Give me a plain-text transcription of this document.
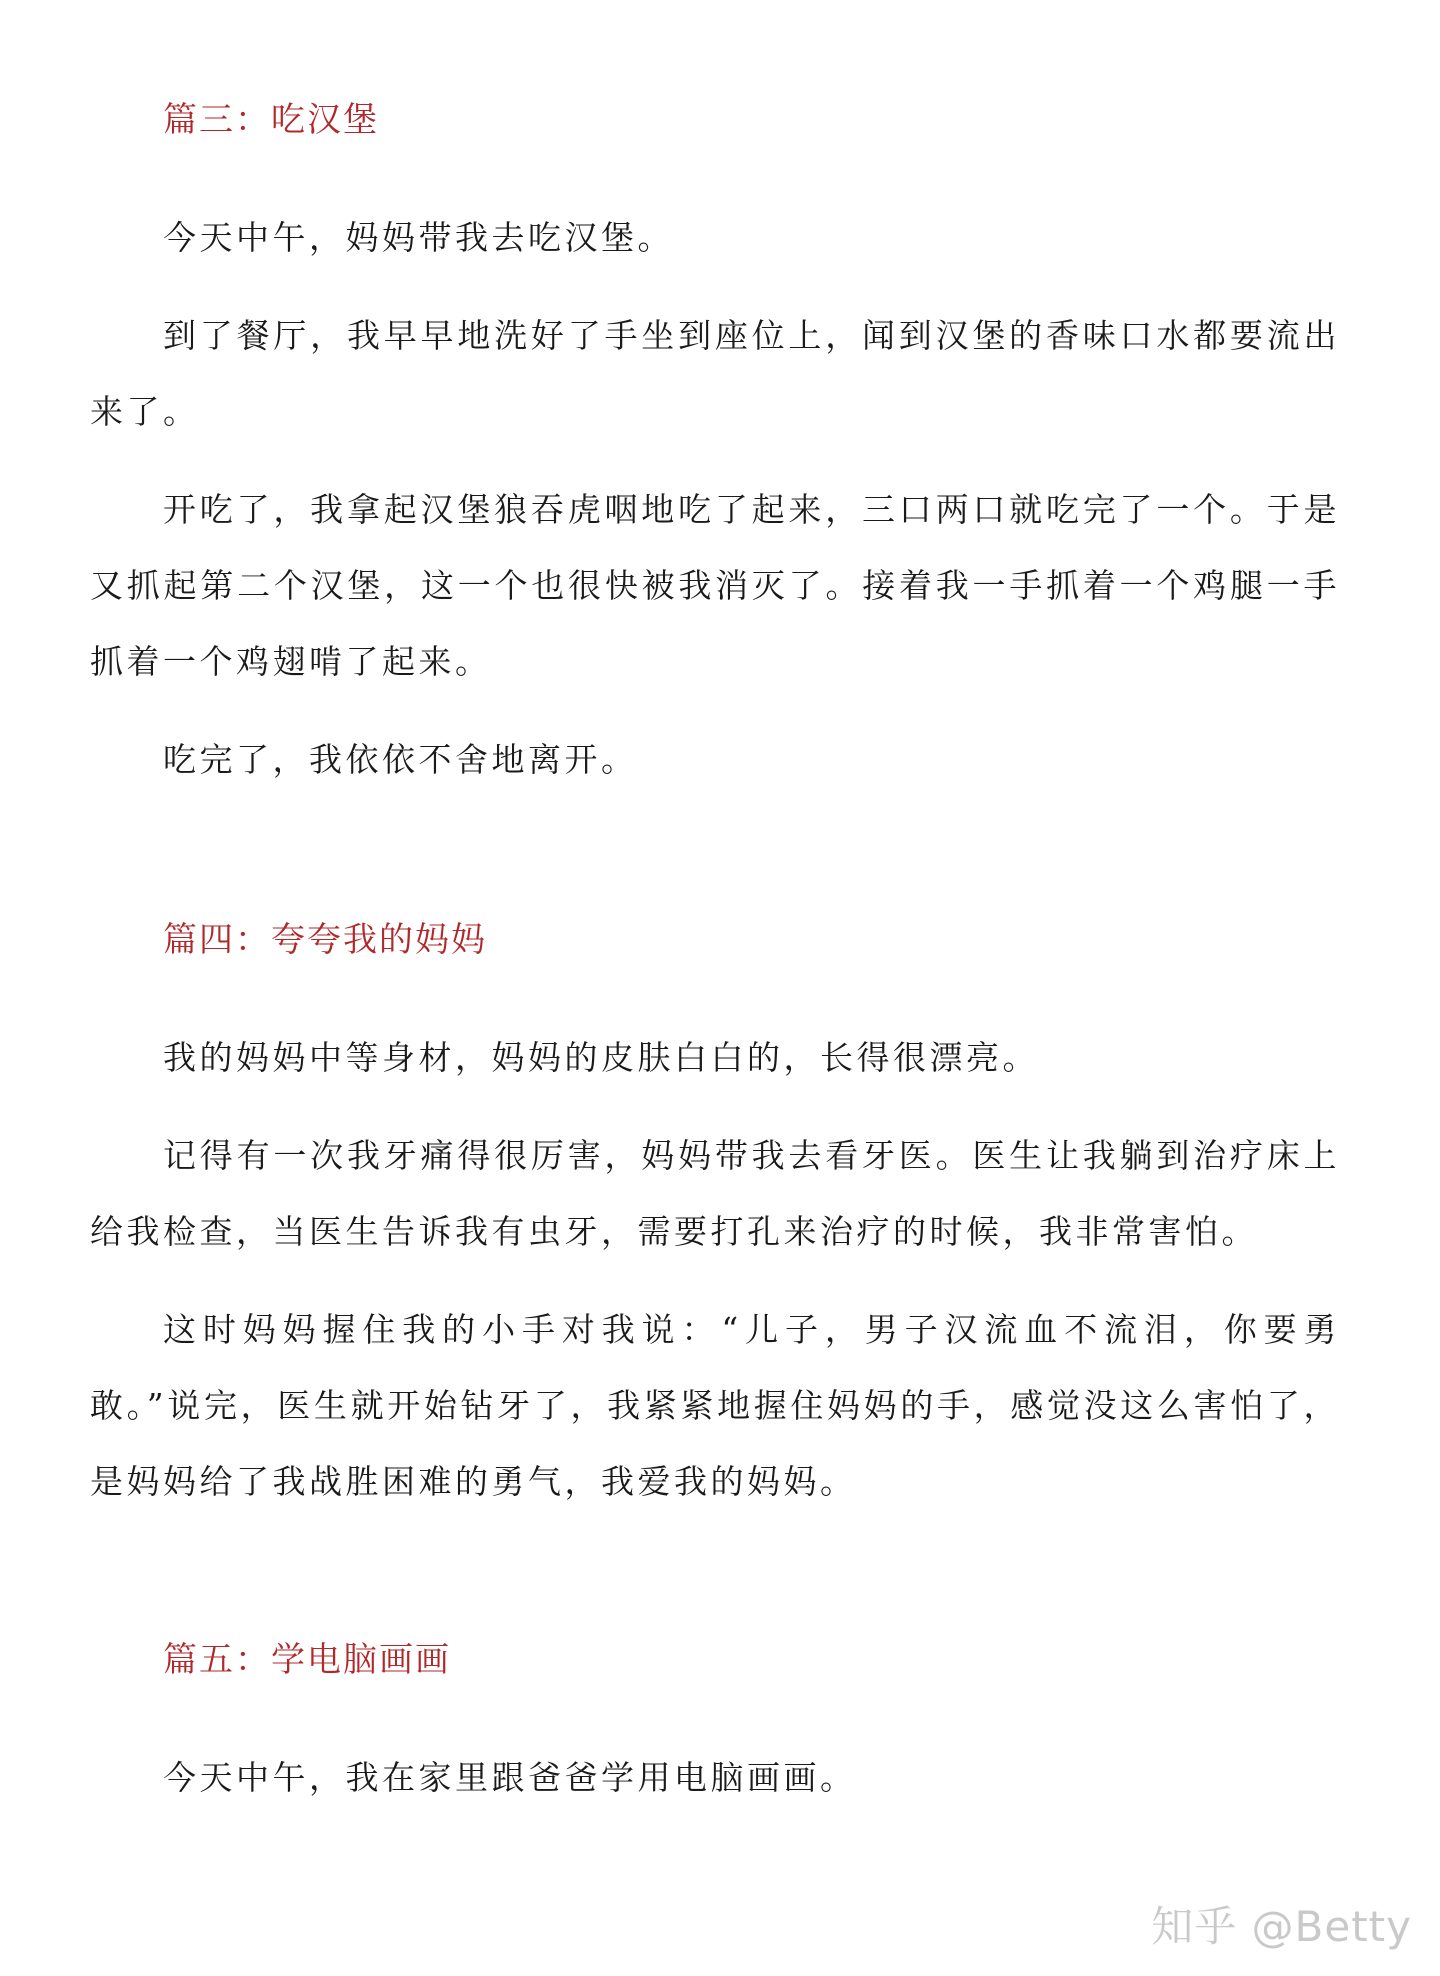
篇三：吃汉堡

今天中午，妈妈带我去吃汉堡。

到了餐厅，我早早地洗好了手坐到座位上，闻到汉堡的香味口水都要流出来了。

开吃了，我拿起汉堡狼吞虎咽地吃了起来，三口两口就吃完了一个。于是又抓起第二个汉堡，这一个也很快被我消灭了。接着我一手抓着一个鸡腿一手抓着一个鸡翅啃了起来。

吃完了，我依依不舍地离开。

篇四：夸夸我的妈妈

我的妈妈中等身材，妈妈的皮肤白白的，长得很漂亮。

记得有一次我牙痛得很厉害，妈妈带我去看牙医。医生让我躺到治疗床上给我检查，当医生告诉我有虫牙，需要打孔来治疗的时候，我非常害怕。

这时妈妈握住我的小手对我说：“儿子，男子汉流血不流泪，你要勇敢。”说完，医生就开始钻牙了，我紧紧地握住妈妈的手，感觉没这么害怕了，是妈妈给了我战胜困难的勇气，我爱我的妈妈。

篇五：学电脑画画

今天中午，我在家里跟爸爸学用电脑画画。

知乎 @Betty
